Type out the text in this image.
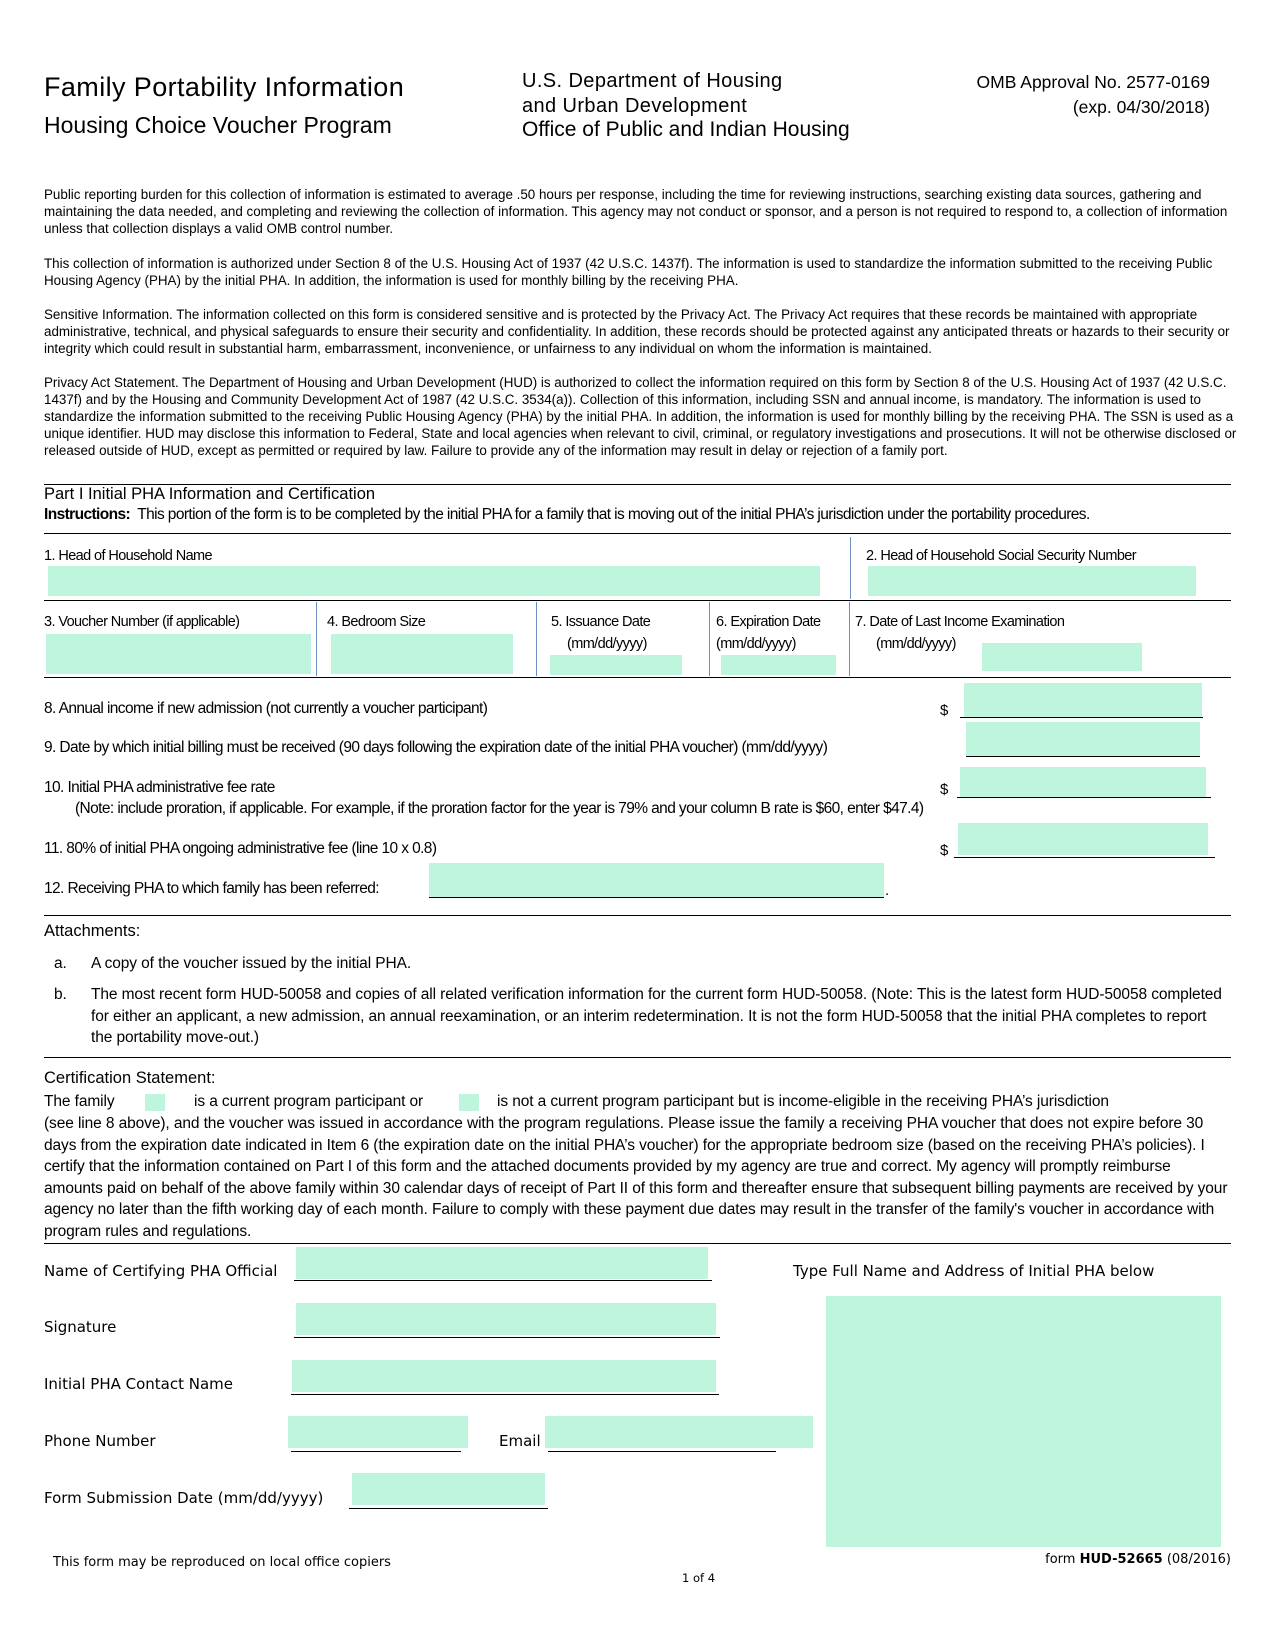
Family Portability Information
Housing Choice Voucher Program
U.S. Department of Housing
and Urban Development
Office of Public and Indian Housing
OMB Approval No. 2577-0169
(exp. 04/30/2018)
Public reporting burden for this collection of information is estimated to average .50 hours per response, including the time for reviewing instructions, searching existing data sources, gathering and maintaining the data needed, and completing and reviewing the collection of information. This agency may not conduct or sponsor, and a person is not required to respond to, a collection of information unless that collection displays a valid OMB control number.
This collection of information is authorized under Section 8 of the U.S. Housing Act of 1937 (42 U.S.C. 1437f). The information is used to standardize the information submitted to the receiving Public Housing Agency (PHA) by the initial PHA. In addition, the information is used for monthly billing by the receiving PHA.
Sensitive Information. The information collected on this form is considered sensitive and is protected by the Privacy Act. The Privacy Act requires that these records be maintained with appropriate administrative, technical, and physical safeguards to ensure their security and confidentiality. In addition, these records should be protected against any anticipated threats or hazards to their security or integrity which could result in substantial harm, embarrassment, inconvenience, or unfairness to any individual on whom the information is maintained.
Privacy Act Statement. The Department of Housing and Urban Development (HUD) is authorized to collect the information required on this form by Section 8 of the U.S. Housing Act of 1937 (42 U.S.C. 1437f) and by the Housing and Community Development Act of 1987 (42 U.S.C. 3534(a)). Collection of this information, including SSN and annual income, is mandatory. The information is used to standardize the information submitted to the receiving Public Housing Agency (PHA) by the initial PHA. In addition, the information is used for monthly billing by the receiving PHA. The SSN is used as a unique identifier. HUD may disclose this information to Federal, State and local agencies when relevant to civil, criminal, or regulatory investigations and prosecutions. It will not be otherwise disclosed or released outside of HUD, except as permitted or required by law. Failure to provide any of the information may result in delay or rejection of a family port.
Part I Initial PHA Information and Certification
Instructions: This portion of the form is to be completed by the initial PHA for a family that is moving out of the initial PHA’s jurisdiction under the portability procedures.
1. Head of Household Name	2. Head of Household Social Security Number
3. Voucher Number (if applicable)	4. Bedroom Size	5. Issuance Date
(mm/dd/yyyy)
6. Expiration Date
(mm/dd/yyyy)
7. Date of Last Income Examination
(mm/dd/yyyy)
8. Annual income if new admission (not currently a voucher participant)	$
9. Date by which initial billing must be received (90 days following the expiration date of the initial PHA voucher) (mm/dd/yyyy)
10. Initial PHA administrative fee rate	$
(Note: include proration, if applicable. For example, if the proration factor for the year is 79% and your column B rate is $60, enter $47.4)
11. 80% of initial PHA ongoing administrative fee (line 10 x 0.8)	$
12. Receiving PHA to which family has been referred:	.
Attachments:
a. A copy of the voucher issued by the initial PHA.
b. The most recent form HUD-50058 and copies of all related verification information for the current form HUD-50058. (Note: This is the latest form HUD-50058 completed for either an applicant, a new admission, an annual reexamination, or an interim redetermination. It is not the form HUD-50058 that the initial PHA completes to report the portability move-out.)
Certification Statement:
The family	is a current program participant or	is not a current program participant but is income-eligible in the receiving PHA’s jurisdiction
(see line 8 above), and the voucher was issued in accordance with the program regulations. Please issue the family a receiving PHA voucher that does not expire before 30 days from the expiration date indicated in Item 6 (the expiration date on the initial PHA’s voucher) for the appropriate bedroom size (based on the receiving PHA’s policies). I certify that the information contained on Part I of this form and the attached documents provided by my agency are true and correct. My agency will promptly reimburse amounts paid on behalf of the above family within 30 calendar days of receipt of Part II of this form and thereafter ensure that subsequent billing payments are received by your agency no later than the fifth working day of each month. Failure to comply with these payment due dates may result in the transfer of the family's voucher in accordance with program rules and regulations.
Name of Certifying PHA Official	Type Full Name and Address of Initial PHA below
Signature
Initial PHA Contact Name
Phone Number	Email
Form Submission Date (mm/dd/yyyy)
This form may be reproduced on local office copiers
1 of 4
form HUD-52665 (08/2016)
